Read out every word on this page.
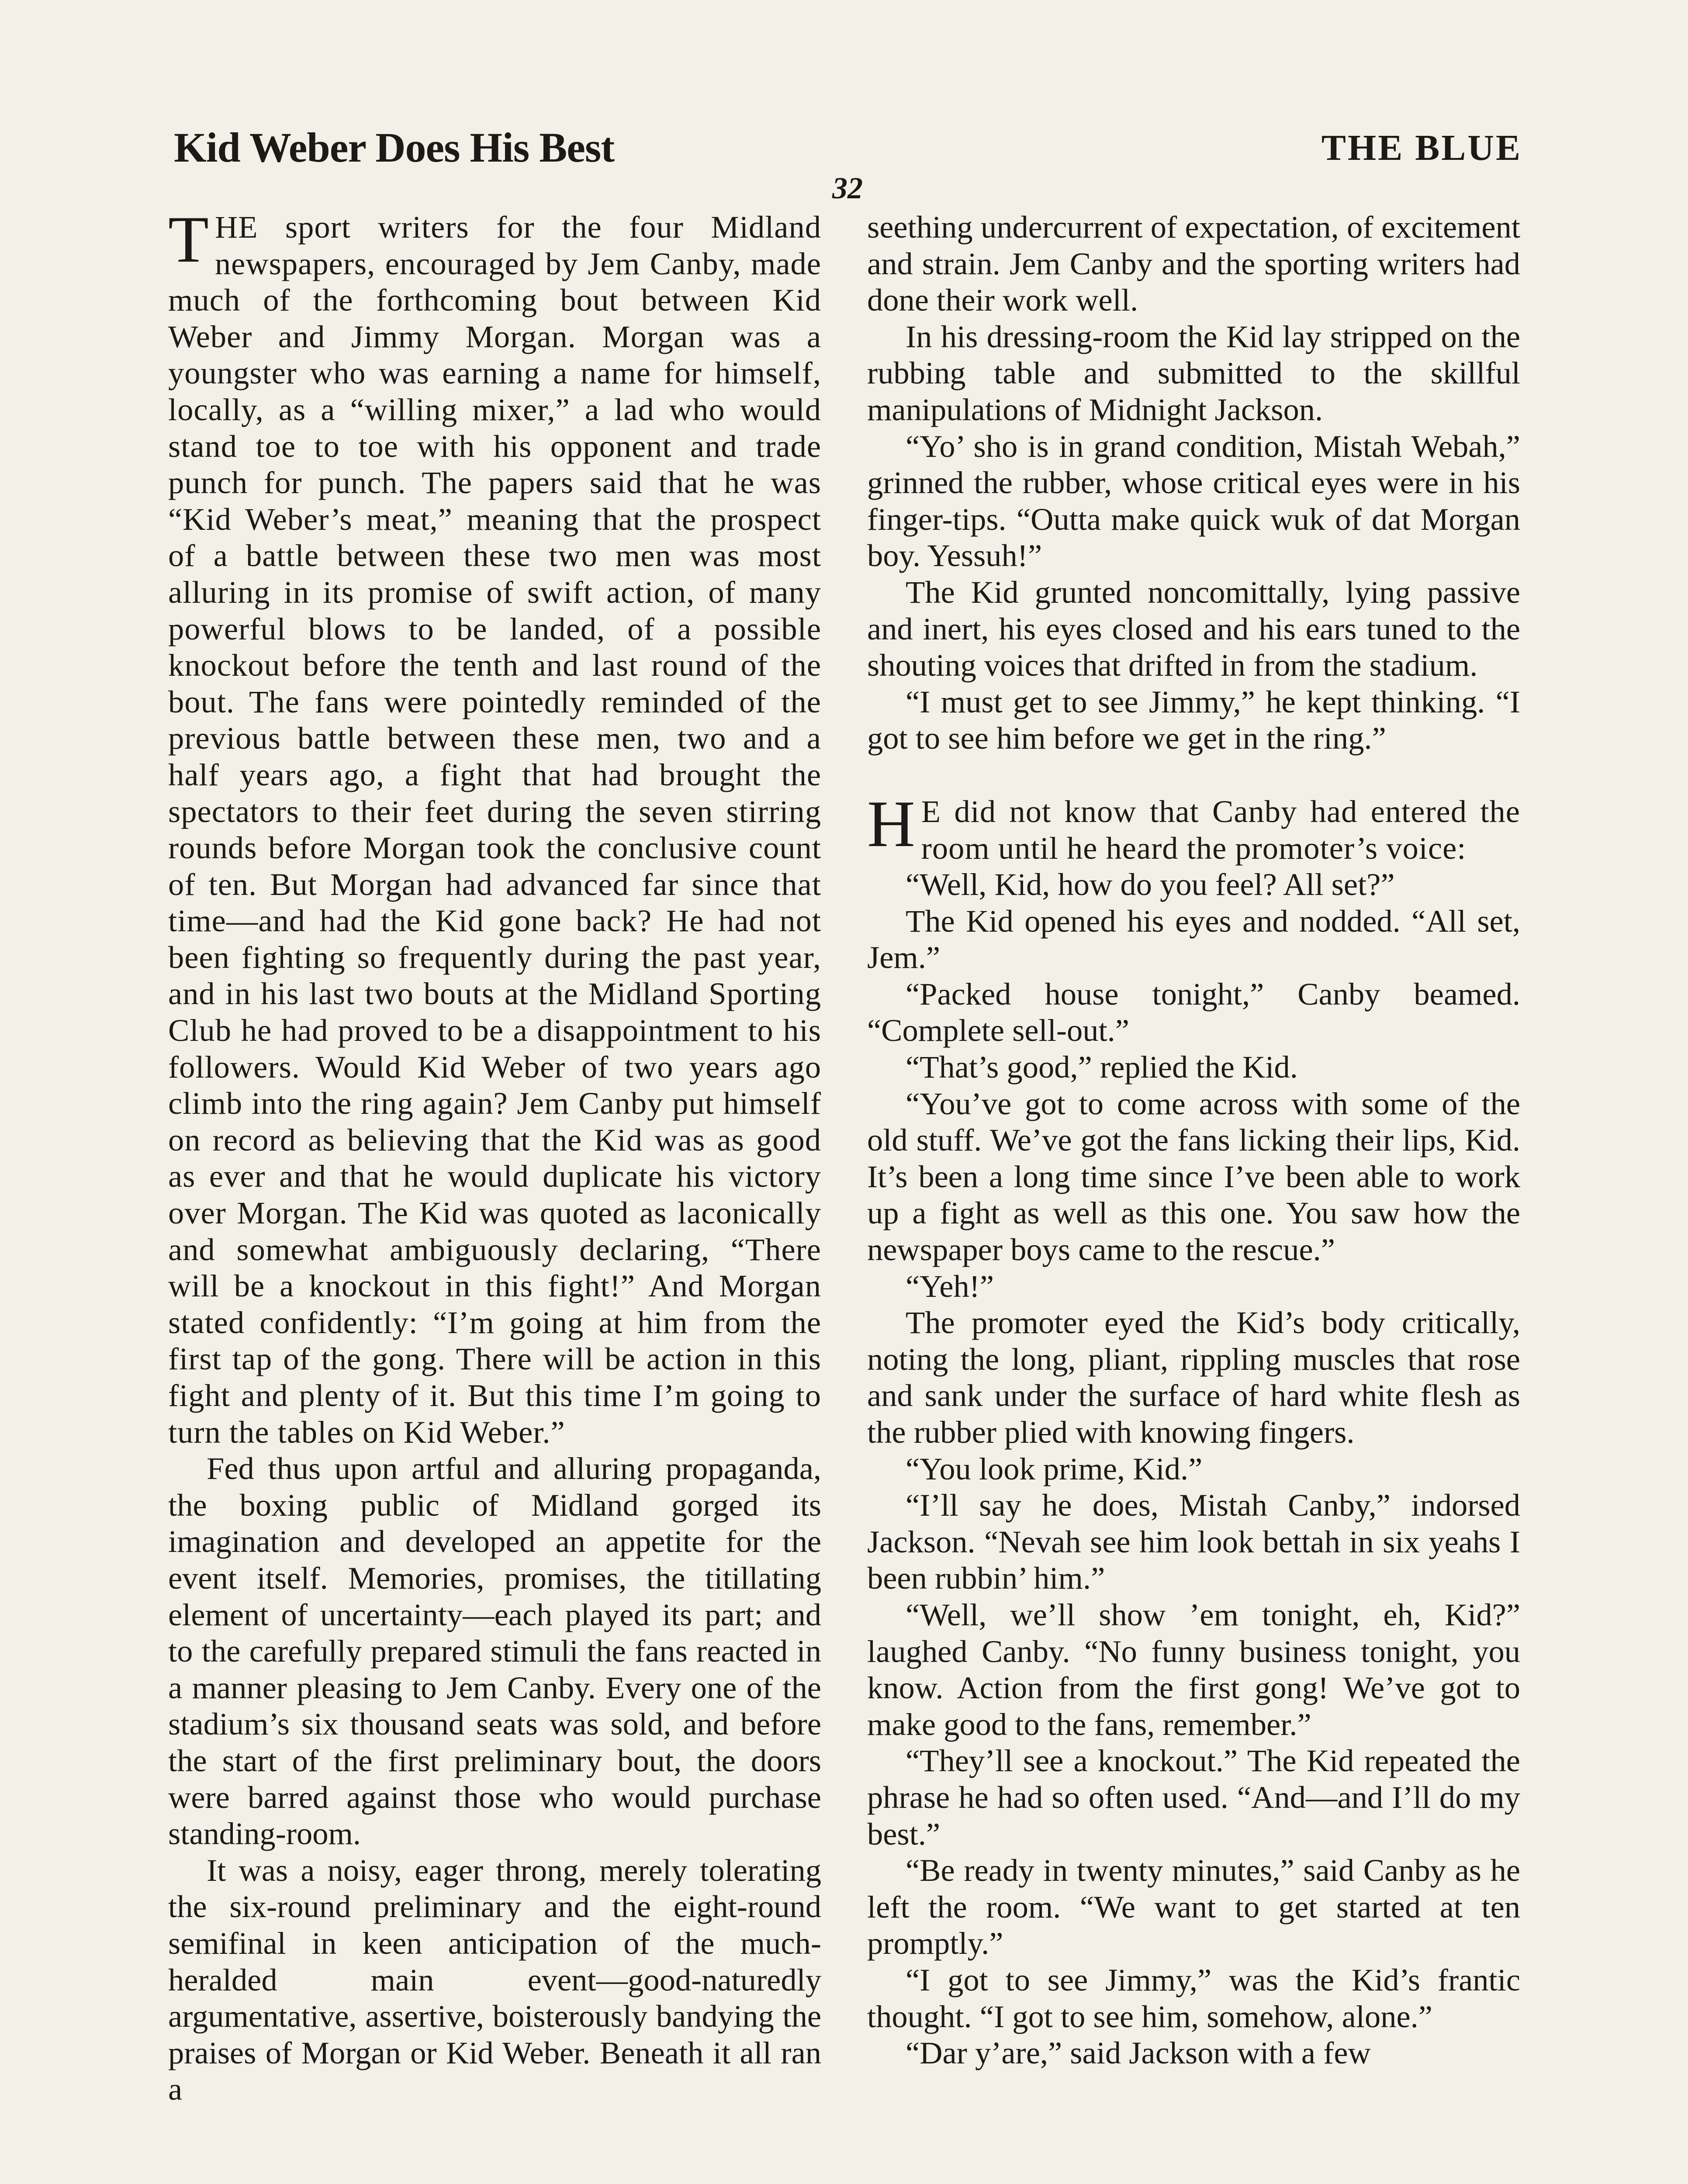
Kid Weber Does His Best	THE BLUE
32

THE sport writers for the four Midland newspapers, encouraged by Jem Canby, made much of the forthcoming bout between Kid Weber and Jimmy Morgan. Morgan was a youngster who was earning a name for himself, locally, as a “willing mixer,” a lad who would stand toe to toe with his opponent and trade punch for punch. The papers said that he was “Kid Weber’s meat,” meaning that the prospect of a battle between these two men was most alluring in its promise of swift action, of many powerful blows to be landed, of a possible knockout before the tenth and last round of the bout. The fans were pointedly reminded of the previous battle between these men, two and a half years ago, a fight that had brought the spectators to their feet during the seven stirring rounds before Morgan took the conclusive count of ten. But Morgan had advanced far since that time—and had the Kid gone back? He had not been fighting so frequently during the past year, and in his last two bouts at the Midland Sporting Club he had proved to be a disappointment to his followers. Would Kid Weber of two years ago climb into the ring again? Jem Canby put himself on record as believing that the Kid was as good as ever and that he would duplicate his victory over Morgan. The Kid was quoted as laconically and somewhat ambiguously declaring, “There will be a knockout in this fight!” And Morgan stated confidently: “I’m going at him from the first tap of the gong. There will be action in this fight and plenty of it. But this time I’m going to turn the tables on Kid Weber.”

Fed thus upon artful and alluring propaganda, the boxing public of Midland gorged its imagination and developed an appetite for the event itself. Memories, promises, the titillating element of uncertainty—each played its part; and to the carefully prepared stimuli the fans reacted in a manner pleasing to Jem Canby. Every one of the stadium’s six thousand seats was sold, and before the start of the first preliminary bout, the doors were barred against those who would purchase standing-room.

It was a noisy, eager throng, merely tolerating the six-round preliminary and the eight-round semifinal in keen anticipation of the much-heralded main event—good-naturedly argumentative, assertive, boisterously bandying the praises of Morgan or Kid Weber. Beneath it all ran a

seething undercurrent of expectation, of excitement and strain. Jem Canby and the sporting writers had done their work well.

In his dressing-room the Kid lay stripped on the rubbing table and submitted to the skillful manipulations of Midnight Jackson.

“Yo’ sho is in grand condition, Mistah Webah,” grinned the rubber, whose critical eyes were in his finger-tips. “Outta make quick wuk of dat Morgan boy. Yessuh!”

The Kid grunted noncomittally, lying passive and inert, his eyes closed and his ears tuned to the shouting voices that drifted in from the stadium.

“I must get to see Jimmy,” he kept thinking. “I got to see him before we get in the ring.”

H E did not know that Canby had entered the room until he heard the promoter’s voice:

“Well, Kid, how do you feel? All set?”

The Kid opened his eyes and nodded. “All set, Jem.”

“Packed house tonight,” Canby beamed. “Complete sell-out.”

“That’s good,” replied the Kid.

“You’ve got to come across with some of the old stuff. We’ve got the fans licking their lips, Kid. It’s been a long time since I’ve been able to work up a fight as well as this one. You saw how the newspaper boys came to the rescue.”

“Yeh!”

The promoter eyed the Kid’s body critically, noting the long, pliant, rippling muscles that rose and sank under the surface of hard white flesh as the rubber plied with knowing fingers.

“You look prime, Kid.”

“I’ll say he does, Mistah Canby,” indorsed Jackson. “Nevah see him look bettah in six yeahs I been rubbin’ him.”

“Well, we’ll show ’em tonight, eh, Kid?” laughed Canby. “No funny business tonight, you know. Action from the first gong! We’ve got to make good to the fans, remember.”

“They’ll see a knockout.” The Kid repeated the phrase he had so often used. “And—and I’ll do my best.”

“Be ready in twenty minutes,” said Canby as he left the room. “We want to get started at ten promptly.”

“I got to see Jimmy,” was the Kid’s frantic thought. “I got to see him, somehow, alone.”

“Dar y’are,” said Jackson with a few
